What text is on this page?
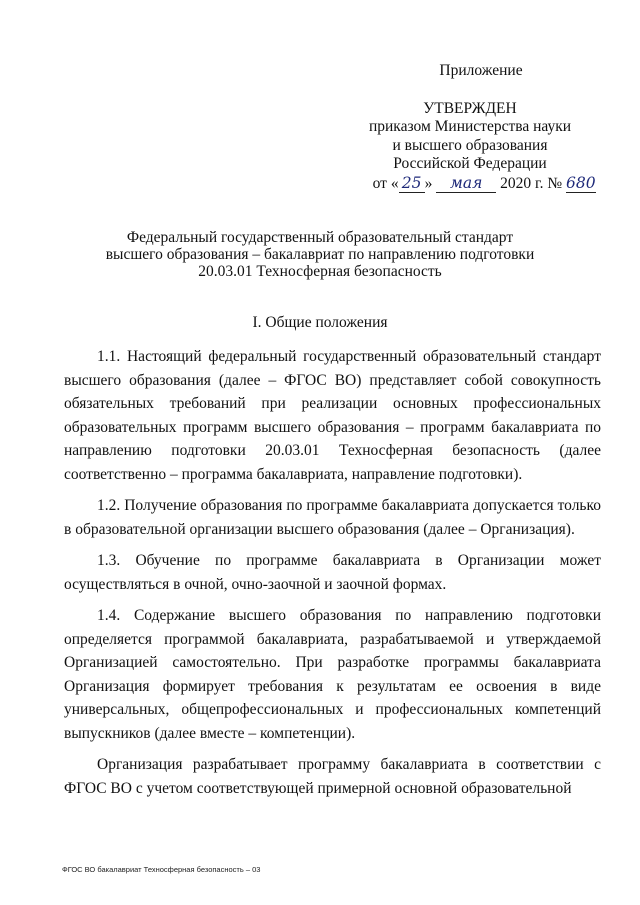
Приложение
УТВЕРЖДЕН
приказом Министерства науки
и высшего образования
Российской Федерации
от « 25 » мая 2020 г. № 680
Федеральный государственный образовательный стандарт
высшего образования – бакалавриат по направлению подготовки
20.03.01 Техносферная безопасность
I. Общие положения

1.1. Настоящий федеральный государственный образовательный стандарт высшего образования (далее – ФГОС ВО) представляет собой совокупность обязательных требований при реализации основных профессиональных образовательных программ высшего образования – программ бакалавриата по направлению подготовки 20.03.01 Техносферная безопасность (далее соответственно – программа бакалавриата, направление подготовки).

1.2. Получение образования по программе бакалавриата допускается только в образовательной организации высшего образования (далее – Организация).

1.3. Обучение по программе бакалавриата в Организации может осуществляться в очной, очно-заочной и заочной формах.

1.4. Содержание высшего образования по направлению подготовки определяется программой бакалавриата, разрабатываемой и утверждаемой Организацией самостоятельно. При разработке программы бакалавриата Организация формирует требования к результатам ее освоения в виде универсальных, общепрофессиональных и профессиональных компетенций выпускников (далее вместе – компетенции).

Организация разрабатывает программу бакалавриата в соответствии с ФГОС ВО с учетом соответствующей примерной основной образовательной

ФГОС ВО бакалавриат Техносферная безопасность – 03
